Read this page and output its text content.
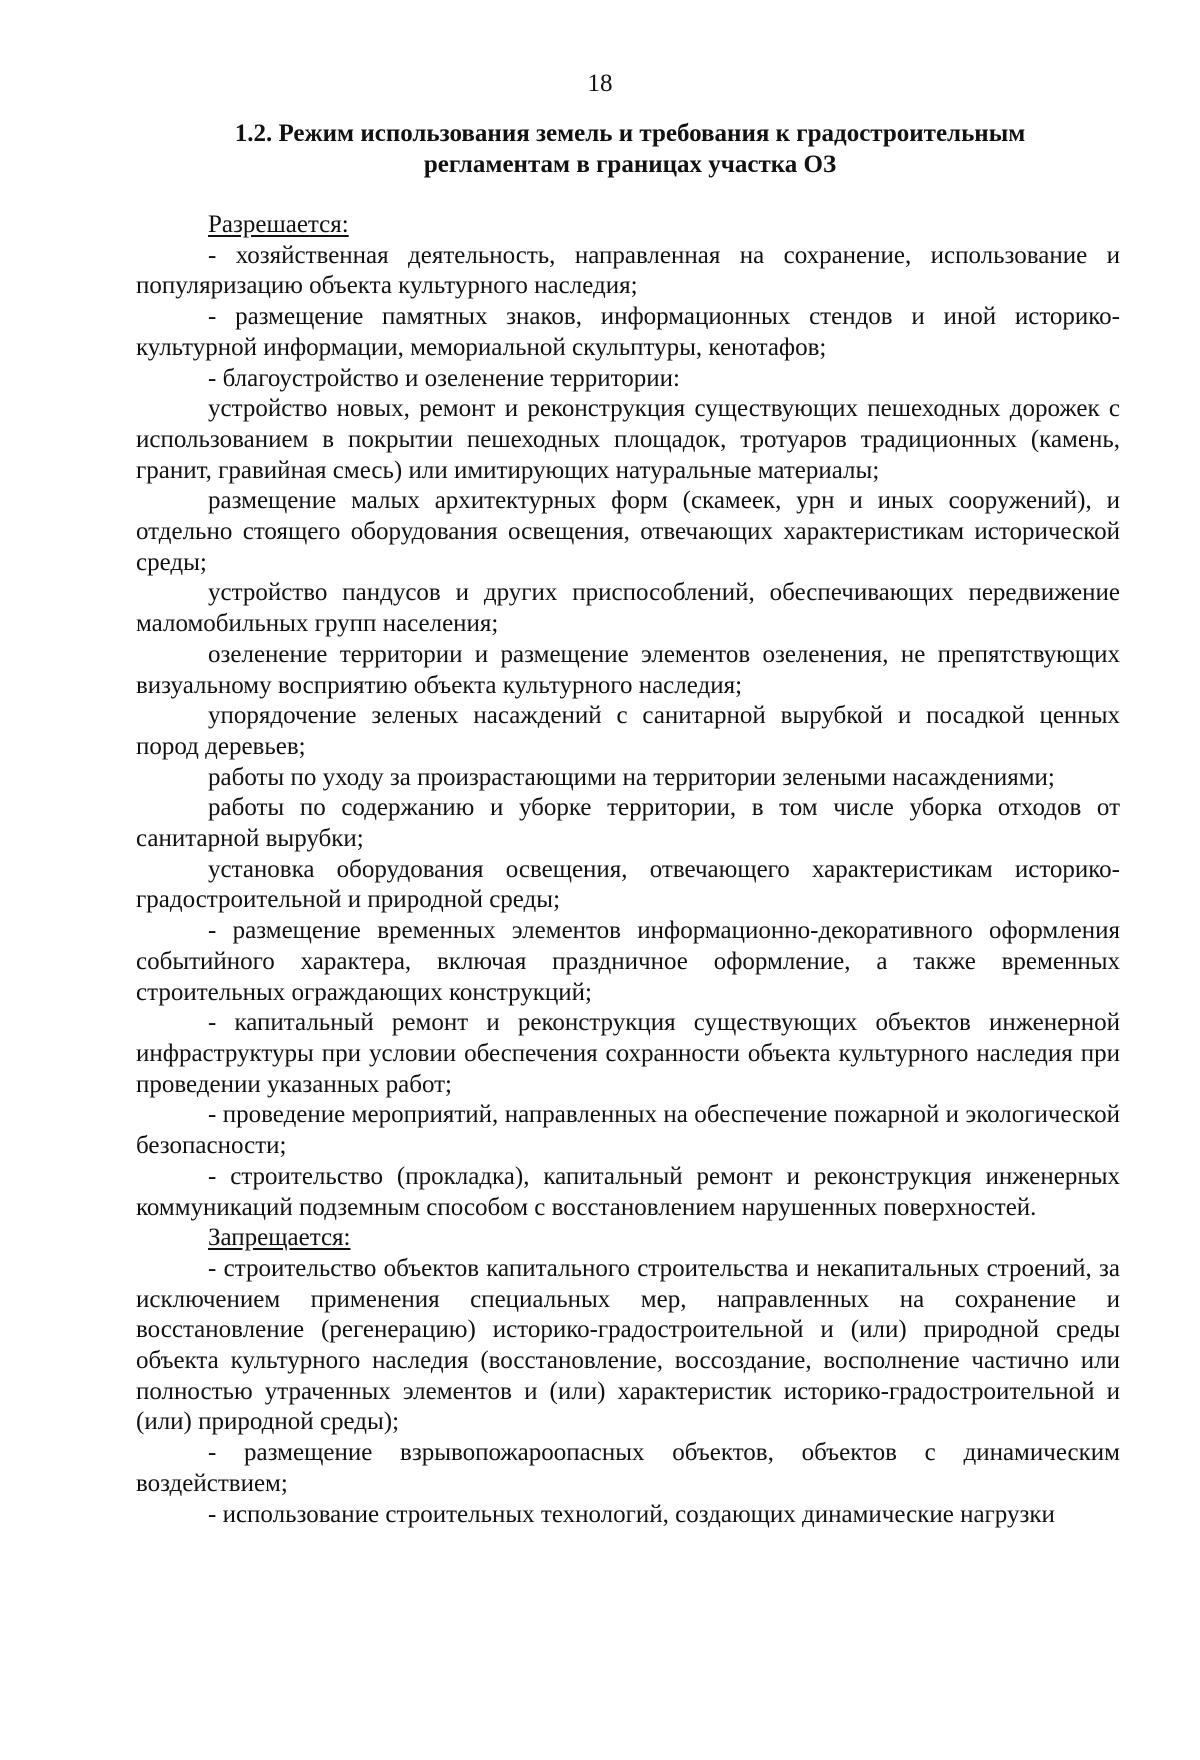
18
1.2. Режим использования земель и требования к градостроительным
регламентам в границах участка ОЗ

Разрешается:

- хозяйственная деятельность, направленная на сохранение, использование и популяризацию объекта культурного наследия;

- размещение памятных знаков, информационных стендов и иной историко-культурной информации, мемориальной скульптуры, кенотафов;

- благоустройство и озеленение территории:

устройство новых, ремонт и реконструкция существующих пешеходных дорожек с использованием в покрытии пешеходных площадок, тротуаров традиционных (камень, гранит, гравийная смесь) или имитирующих натуральные материалы;

размещение малых архитектурных форм (скамеек, урн и иных сооружений), и отдельно стоящего оборудования освещения, отвечающих характеристикам исторической среды;

устройство пандусов и других приспособлений, обеспечивающих передвижение маломобильных групп населения;

озеленение территории и размещение элементов озеленения, не препятствующих визуальному восприятию объекта культурного наследия;

упорядочение зеленых насаждений с санитарной вырубкой и посадкой ценных пород деревьев;

работы по уходу за произрастающими на территории зелеными насаждениями;

работы по содержанию и уборке территории, в том числе уборка отходов от санитарной вырубки;

установка оборудования освещения, отвечающего характеристикам историко-градостроительной и природной среды;

- размещение временных элементов информационно-декоративного оформления событийного характера, включая праздничное оформление, а также временных строительных ограждающих конструкций;

- капитальный ремонт и реконструкция существующих объектов инженерной инфраструктуры при условии обеспечения сохранности объекта культурного наследия при проведении указанных работ;

- проведение мероприятий, направленных на обеспечение пожарной и экологической безопасности;

- строительство (прокладка), капитальный ремонт и реконструкция инженерных коммуникаций подземным способом с восстановлением нарушенных поверхностей.

Запрещается:

- строительство объектов капитального строительства и некапитальных строений, за исключением применения специальных мер, направленных на сохранение и восстановление (регенерацию) историко-градостроительной и (или) природной среды объекта культурного наследия (восстановление, воссоздание, восполнение частично или полностью утраченных элементов и (или) характеристик историко-градостроительной и (или) природной среды);

- размещение взрывопожароопасных объектов, объектов с динамическим воздействием;

- использование строительных технологий, создающих динамические нагрузки
